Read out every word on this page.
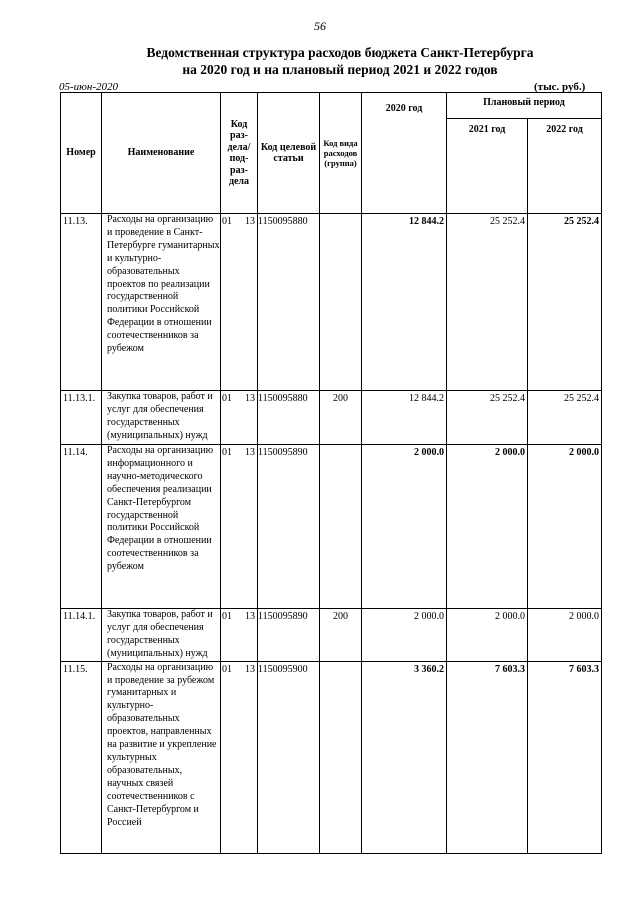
56
Ведомственная структура расходов бюджета Санкт-Петербурга
на 2020 год и на плановый период 2021 и 2022 годов
05-июн-2020	(тыс. руб.)
Номер	Наименование	Код раз-дела/под-раз-дела	Код целевой статьи	Код вида расходов (группа)	2020 год	Плановый период	
						2021 год	2022 год
11.13.	Расходы на организацию и проведение в Санкт-Петербурге гуманитарных и культурно-образовательных проектов по реализации государственной политики Российской Федерации в отношении соотечественников за рубежом	01 13	1150095880		12 844.2	25 252.4	25 252.4
11.13.1.	Закупка товаров, работ и услуг для обеспечения государственных (муниципальных) нужд	01 13	1150095880	200	12 844.2	25 252.4	25 252.4
11.14.	Расходы на организацию информационного и научно-методического обеспечения реализации Санкт-Петербургом государственной политики Российской Федерации в отношении соотечественников за рубежом	01 13	1150095890		2 000.0	2 000.0	2 000.0
11.14.1.	Закупка товаров, работ и услуг для обеспечения государственных (муниципальных) нужд	01 13	1150095890	200	2 000.0	2 000.0	2 000.0
11.15.	Расходы на организацию и проведение за рубежом гуманитарных и культурно-образовательных проектов, направленных на развитие и укрепление культурных образовательных, научных связей соотечественников с Санкт-Петербургом и Россией	01 13	1150095900		3 360.2	7 603.3	7 603.3
